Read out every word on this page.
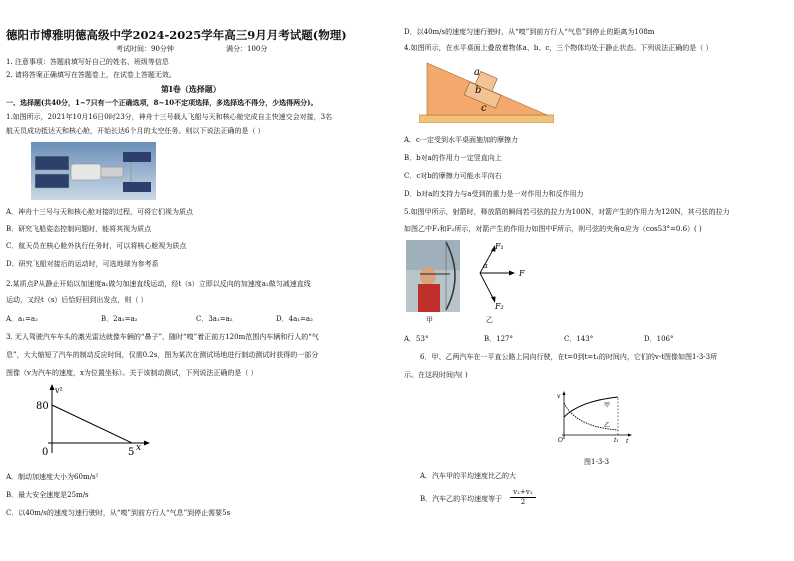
德阳市博雅明德高级中学2024-2025学年高三9月月考试题(物理)
考试时间：90分钟	满分：100分
1. 注意事项：答题前填写好自己的姓名、班级等信息
2. 请将答案正确填写在答题卷上，在试卷上答题无效。
第Ⅰ卷（选择题）
一、选择题(共40分，1~7只有一个正确选项，8~10不定项选择，多选择选不得分，少选得两分)。
1.如图所示，2021年10月16日0时23分，神舟十三号载人飞船与天和核心舱完成自主快速交会对接，3名
航天员成功抵达天和核心舱，开始长达6个月的太空任务。则以下说法正确的是（ ）
A．神舟十三号与天和核心舱对接的过程，可将它们视为质点
B．研究飞船姿态控制问题时，能将其视为质点
C．航天员在核心舱外执行任务时，可以将核心舱视为质点
D．研究飞船对接后的运动时，可选地球为参考系
2.某质点P从静止开始以加速度a₁做匀加速直线运动，经t（s）立即以反向的加速度a₂做匀减速直线
运动，又经t（s）后恰好回到出发点，则（ ）
A．a₁=a₂	B．2a₁=a₂	C．3a₁=a₂	D．4a₁=a₂
3. 无人驾驶汽车车头的激光雷达就像车辆的“鼻子”，随时“嗅”着正前方120m范围内车辆和行人的“气
息”，大大缩短了汽车的制动反应时间，仅需0.2s，图为某次在测试场地进行制动测试时获得的一部分
图像（v为汽车的速度，x为位置坐标）。关于该制动测试，下列说法正确的是（ ）
v²
x
80
5
0
A．制动加速度大小为60m/s²
B．最大安全速度是25m/s
C．以40m/s的速度匀速行驶时，从“嗅”到前方行人“气息”到停止需要5s
D．以40m/s的速度匀速行驶时，从“嗅”到前方行人“气息”到停止的距离为108m
4.如图所示，在水平桌面上叠放着物体a、b、c，三个物体均处于静止状态。下列说法正确的是（ ）
a
b
c
A．c一定受到水平桌面施加的摩擦力
B．b对a的作用力一定竖直向上
C．c对b的摩擦力可能水平向右
D．b对a的支持力与a受到的重力是一对作用力和反作用力
5.如图甲所示，射箭时，释放箭的瞬间若弓弦的拉力为100N，对箭产生的作用力为120N，其弓弦的拉力
如图乙中F₁和F₂所示，对箭产生的作用力如图中F所示，则弓弦的夹角α应为（cos53°=0.6）( )
F₁
F₂
F
α
甲	乙
A．53°	B．127°	C．143°	D．106°
6．甲、乙两汽车在一平直公路上同向行驶，在t=0到t=t₁的时间内，它们的v-t图像如图1-3-3所
示。在这段时间内( )
v
t
O	t₁
甲
乙
图1-3-3
A．汽车甲的平均速度比乙的大
B．汽车乙的平均速度等于 $\frac{\text{v₁+v₂}}{2}$
